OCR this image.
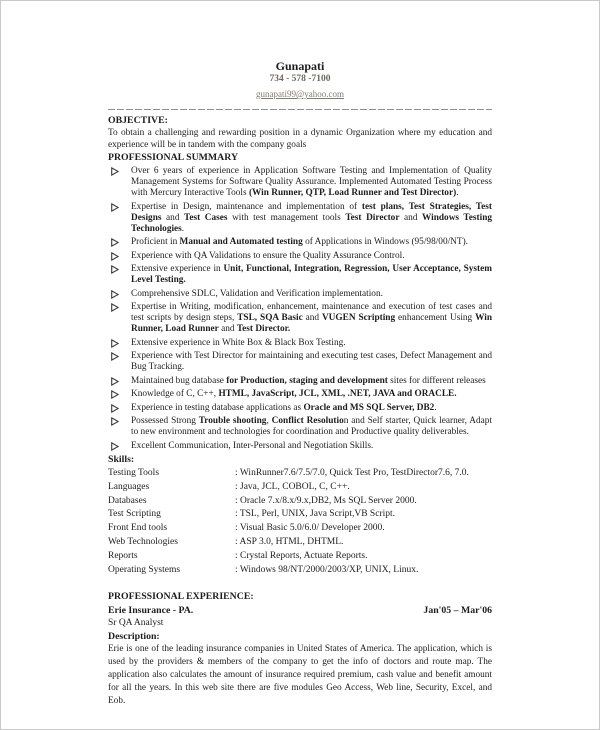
Gunapati
734 - 578 -7100
gunapati99@yahoo.com
OBJECTIVE:

To obtain a challenging and rewarding position in a dynamic Organization where my education and experience will be in tandem with the company goals

PROFESSIONAL SUMMARY
Over 6 years of experience in Application Software Testing and Implementation of Quality Management Systems for Software Quality Assurance. Implemented Automated Testing Process with Mercury Interactive Tools (Win Runner, QTP, Load Runner and Test Director).
Expertise in Design, maintenance and implementation of test plans, Test Strategies, Test Designs and Test Cases with test management tools Test Director and Windows Testing Technologies.
Proficient in Manual and Automated testing of Applications in Windows (95/98/00/NT).
Experience with QA Validations to ensure the Quality Assurance Control.
Extensive experience in Unit, Functional, Integration, Regression, User Acceptance, System Level Testing.
Comprehensive SDLC, Validation and Verification implementation.
Expertise in Writing, modification, enhancement, maintenance and execution of test cases and test scripts by design steps, TSL, SQA Basic and VUGEN Scripting enhancement Using Win Runner, Load Runner and Test Director.
Extensive experience in White Box & Black Box Testing.
Experience with Test Director for maintaining and executing test cases, Defect Management and Bug Tracking.
Maintained bug database for Production, staging and development sites for different releases
Knowledge of C, C++, HTML, JavaScript, JCL, XML, .NET, JAVA and ORACLE.
Experience in testing database applications as Oracle and MS SQL Server, DB2.
Possessed Strong Trouble shooting, Conflict Resolution and Self starter, Quick learner, Adapt to new environment and technologies for coordination and Productive quality deliverables.
Excellent Communication, Inter-Personal and Negotiation Skills.
Skills:
Testing Tools	: WinRunner7.6/7.5/7.0, Quick Test Pro, TestDirector7.6, 7.0.
Languages	: Java, JCL, COBOL, C, C++.
Databases	: Oracle 7.x/8.x/9.x,DB2, Ms SQL Server 2000.
Test Scripting	: TSL, Perl, UNIX, Java Script,VB Script.
Front End tools	: Visual Basic 5.0/6.0/ Developer 2000.
Web Technologies	: ASP 3.0, HTML, DHTML.
Reports	: Crystal Reports, Actuate Reports.
Operating Systems	: Windows 98/NT/2000/2003/XP, UNIX, Linux.
PROFESSIONAL EXPERIENCE:
Erie Insurance - PA.	Jan'05 – Mar'06
Sr QA Analyst
Description:

Erie is one of the leading insurance companies in United States of America. The application, which is used by the providers & members of the company to get the info of doctors and route map. The application also calculates the amount of insurance required premium, cash value and benefit amount for all the years. In this web site there are five modules Geo Access, Web line, Security, Excel, and Eob.
